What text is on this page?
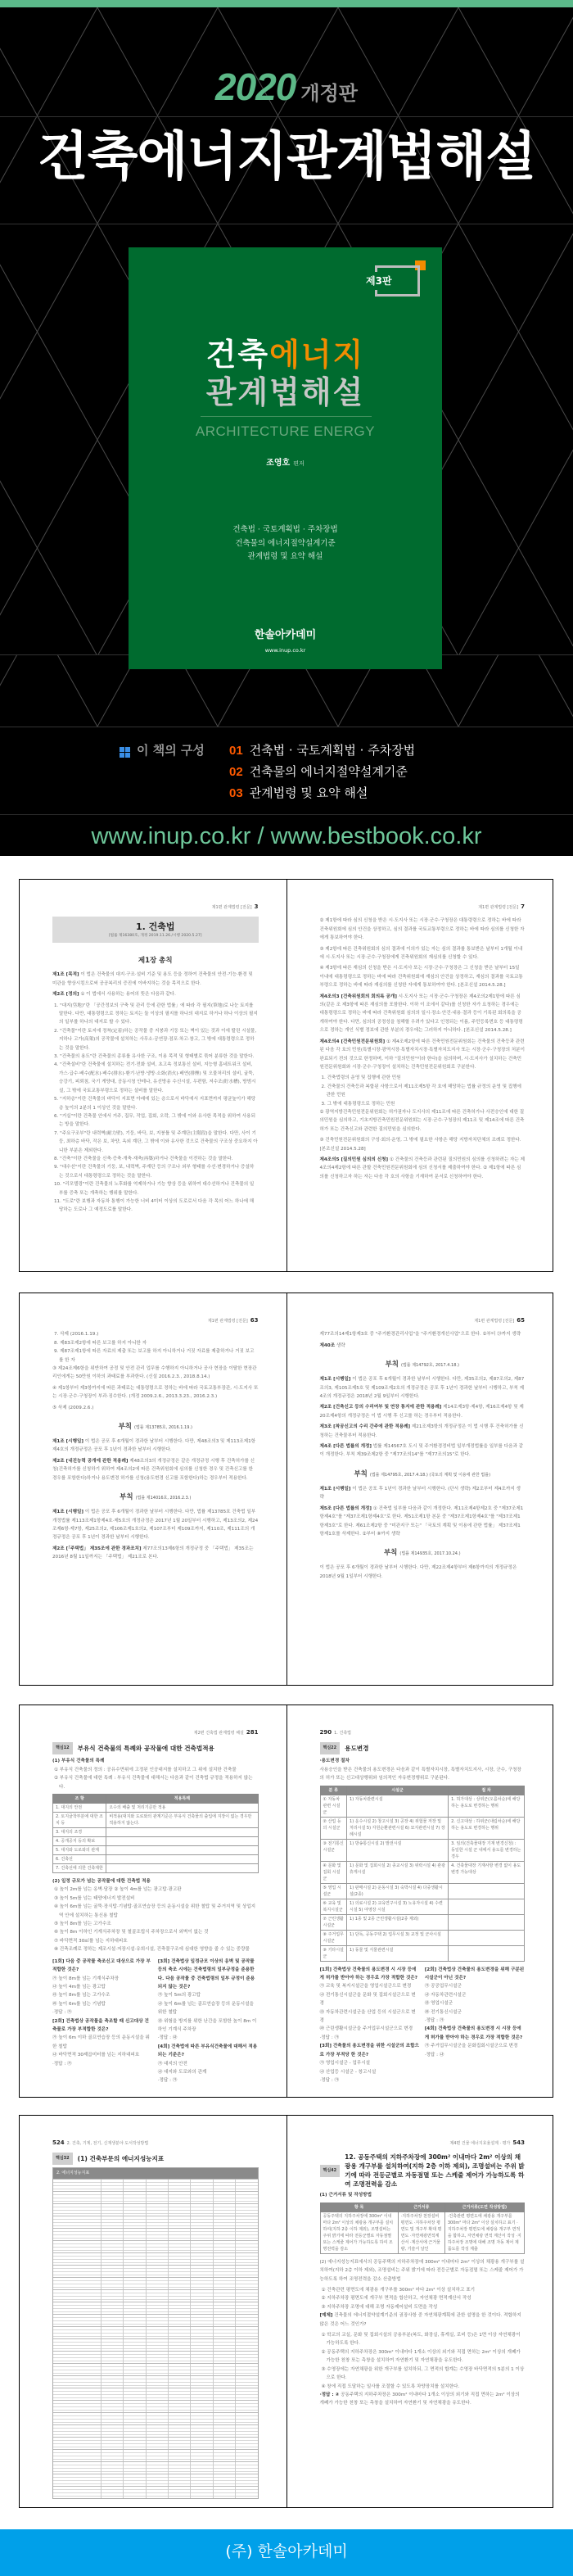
2020 개정판
건축에너지관계법해설
제3판
건축에너지
관계법해설
ARCHITECTURE ENERGY
조영호 편저
건축법 · 국토계획법 · 주차장법
건축물의 에너지절약설계기준
관계법령 및 요약 해설
한솔아카데미
www.inup.co.kr
이 책의 구성 01 건축법 · 국토계획법 · 주차장법
02 건축물의 에너지절약설계기준
03 관계법령 및 요약 해설
www.inup.co.kr / www.bestbook.co.kr
제1편 관계법령 [전문] 3
1. 건축법
[법률 제16380호, 개정 2019.11.26./시행 2020.5.27]
제1장 총칙
제1조 [목적] 이 법은 건축물의 대지·구조·설비 기준 및 용도 등을 정하여 건축물의 안전·기능·환경 및 미관을 향상시킴으로써 공공복리의 증진에 이바지하는 것을 목적으로 한다.
제2조 [정의] ① 이 법에서 사용하는 용어의 뜻은 다음과 같다.
1. "대지(垈地)"란 「공간정보의 구축 및 관리 등에 관한 법률」에 따라 각 필지(筆地)로 나눈 토지를 말한다. 다만, 대통령령으로 정하는 토지는 둘 이상의 필지를 하나의 대지로 하거나 하나 이상의 필지의 일부를 하나의 대지로 할 수 있다.
2. "건축물"이란 토지에 정착(定着)하는 공작물 중 지붕과 기둥 또는 벽이 있는 것과 이에 딸린 시설물, 지하나 고가(高架)의 공작물에 설치하는 사무소·공연장·점포·차고·창고, 그 밖에 대통령령으로 정하는 것을 말한다.
3. "건축물의 용도"란 건축물의 종류를 유사한 구조, 이용 목적 및 형태별로 묶어 분류한 것을 말한다.
4. "건축설비"란 건축물에 설치하는 전기·전화 설비, 초고속 정보통신 설비, 지능형 홈네트워크 설비, 가스·급수·배수(配水)·배수(排水)·환기·난방·냉방·소화(消火)·배연(排煙) 및 오물처리의 설비, 굴뚝, 승강기, 피뢰침, 국기 게양대, 공동시청 안테나, 유선방송 수신시설, 우편함, 저수조(貯水槽), 방범시설, 그 밖에 국토교통부령으로 정하는 설비를 말한다.
5. "지하층"이란 건축물의 바닥이 지표면 아래에 있는 층으로서 바닥에서 지표면까지 평균높이가 해당 층 높이의 2분의 1 이상인 것을 말한다.
6. "거실"이란 건축물 안에서 거주, 집무, 작업, 집회, 오락, 그 밖에 이와 유사한 목적을 위하여 사용되는 방을 말한다.
7. "주요구조부"란 내력벽(耐力壁), 기둥, 바닥, 보, 지붕틀 및 주계단(主階段)을 말한다. 다만, 사이 기둥, 최하층 바닥, 작은 보, 차양, 옥외 계단, 그 밖에 이와 유사한 것으로 건축물의 구조상 중요하지 아니한 부분은 제외한다.
8. "건축"이란 건축물을 신축·증축·개축·재축(再築)하거나 건축물을 이전하는 것을 말한다.
9. "대수선"이란 건축물의 기둥, 보, 내력벽, 주계단 등의 구조나 외부 형태를 수선·변경하거나 증설하는 것으로서 대통령령으로 정하는 것을 말한다.
10. "리모델링"이란 건축물의 노후화를 억제하거나 기능 향상 등을 위하여 대수선하거나 건축물의 일부를 증축 또는 개축하는 행위를 말한다.
11. "도로"란 보행과 자동차 통행이 가능한 너비 4미터 이상의 도로로서 다음 각 목의 어느 하나에 해당하는 도로나 그 예정도로를 말한다.
제1편 관계법령 [전문] 7
② 제1항에 따라 심의 신청을 받은 시·도지사 또는 시장·군수·구청장은 대통령령으로 정하는 바에 따라 건축위원회에 심의 안건을 상정하고, 심의 결과를 국토교통부령으로 정하는 바에 따라 심의를 신청한 자에게 통보하여야 한다.
③ 제2항에 따른 건축위원회의 심의 결과에 이의가 있는 자는 심의 결과를 통보받은 날부터 1개월 이내에 시·도지사 또는 시장·군수·구청장에게 건축위원회의 재심의를 신청할 수 있다.
④ 제3항에 따른 재심의 신청을 받은 시·도지사 또는 시장·군수·구청장은 그 신청을 받은 날부터 15일 이내에 대통령령으로 정하는 바에 따라 건축위원회에 재심의 안건을 상정하고, 재심의 결과를 국토교통부령으로 정하는 바에 따라 재심의를 신청한 자에게 통보하여야 한다. [본조신설 2014.5.28.]
제4조의3 [건축위원회의 회의록 공개] 시·도지사 또는 시장·군수·구청장은 제4조의2제1항에 따른 심의(같은 조 제3항에 따른 재심의를 포함한다. 이하 이 조에서 같다)를 신청한 자가 요청하는 경우에는 대통령령으로 정하는 바에 따라 건축위원회 심의의 일시·장소·안건·내용·결과 등이 기록된 회의록을 공개하여야 한다. 다만, 심의의 공정성을 침해할 우려가 있다고 인정되는 이름, 주민등록번호 등 대통령령으로 정하는 개인 식별 정보에 관한 부분의 경우에는 그러하지 아니하다. [본조신설 2014.5.28.]
제4조의4 [건축민원전문위원회] ① 제4조제2항에 따른 건축민원전문위원회는 건축물의 건축등과 관련된 다음 각 호의 민원(특별시장·광역시장·특별자치시장·특별자치도지사 또는 시장·군수·구청장의 처분이 완료되기 전의 것으로 한정하며, 이하 "질의민원"이라 한다)을 심의하며, 시·도지사가 설치하는 건축민원전문위원회와 시장·군수·구청장이 설치하는 건축민원전문위원회로 구분한다.
1. 건축법령의 운영 및 집행에 관한 민원
2. 건축물의 건축등과 복합된 사항으로서 제11조제5항 각 호에 해당하는 법률 규정의 운영 및 집행에 관한 민원
3. 그 밖에 대통령령으로 정하는 민원
② 광역지방건축민원전문위원회는 허가권자나 도지사의 제11조에 따른 건축허가나 사전승인에 대한 질의민원을 심의하고, 기초지방건축민원전문위원회는 시장·군수·구청장의 제11조 및 제14조에 따른 건축허가 또는 건축신고와 관련한 질의민원을 심의한다.
③ 건축민원전문위원회의 구성·회의·운영, 그 밖에 필요한 사항은 해당 지방자치단체의 조례로 정한다. [본조신설 2014.5.28]
제4조의5 [질의민원 심의의 신청] ① 건축물의 건축등과 관련된 질의민원의 심의를 신청하려는 자는 제4조의4제2항에 따른 관할 건축민원전문위원회에 심의 신청서를 제출하여야 한다. ② 제1항에 따른 심의를 신청하고자 하는 자는 다음 각 호의 사항을 기재하여 문서로 신청하여야 한다.
제1편 관계법령 [전문] 63
7. 삭제 (2016.1.19.)
8. 제83조제2항에 따른 보고를 하지 아니한 자
9. 제87조제1항에 따른 자료의 제출 또는 보고를 하지 아니하거나 거짓 자료를 제출하거나 거짓 보고를 한 자
③ 제24조제6항을 위반하여 공정 및 안전 관리 업무를 수행하지 아니하거나 공사 현장을 이탈한 현장관리인에게는 50만원 이하의 과태료를 부과한다. (신설 2016.2.3., 2018.8.14.)
④ 제1항부터 제3항까지에 따른 과태료는 대통령령으로 정하는 바에 따라 국토교통부장관, 시·도지사 또는 시장·군수·구청장이 부과·징수한다. (개정 2009.2.6., 2013.3.23., 2016.2.3.)
⑤ 삭제 (2009.2.6.)
부칙 (법률 제13785호, 2016.1.19.)
제1조 [시행일] 이 법은 공포 후 6개월이 경과한 날부터 시행한다. 다만, 제48조의3 및 제113조제1항제4호의 개정규정은 공포 후 1년이 경과한 날부터 시행한다.
제2조 [내진능력 공개에 관한 적용례] 제48조의3의 개정규정은 같은 개정규정 시행 후 건축허가를 신청(건축허가를 신청하기 위하여 제4조의2에 따른 건축위원회에 심의를 신청한 경우 및 건축신고를 한 경우를 포함한다)하거나 용도변경 허가를 신청(용도변경 신고를 포함한다)하는 경우부터 적용한다.
부칙 (법률 제14016호, 2016.2.3.)
제1조 [시행일] 이 법은 공포 후 6개월이 경과한 날부터 시행한다. 다만, 법률 제13785호 건축법 일부개정법률 제113조제1항제4호·제5호의 개정규정은 2017년 1월 20일부터 시행하고, 제13조의2, 제24조제6항·제7항, 제25조의2, 제106조제1호의2, 제107조부터 제109조까지, 제110조, 제111조의 개정규정은 공포 후 1년이 경과한 날부터 시행한다.
제2조 [「주택법」 제35조에 관한 경과조치] 제77조의13제6항의 개정규정 중 「주택법」 제35조는 2016년 8월 11일까지는 「주택법」 제21조로 본다.
제1편 관계법령 [전문] 65
제77조의14제1항제3호 중 "주거환경관리사업"을 "주거환경개선사업"으로 한다. ②부터 ㉔까지 생략
제40조 생략
부칙 (법률 제14792호, 2017.4.18.)
제1조 [시행일] 이 법은 공포 후 6개월이 경과한 날부터 시행한다. 다만, 제35조의2, 제87조의2, 제87조의3, 제105조제5호 및 제109조제2호의 개정규정은 공포 후 1년이 경과한 날부터 시행하고, 부칙 제4조의 개정규정은 2018년 2월 9일부터 시행한다.
제2조 [건축신고 등의 수리여부 및 연장 통지에 관한 적용례] 제14조제3항·제4항, 제16조제4항 및 제20조제4항의 개정규정은 이 법 시행 후 신고를 하는 경우부터 적용한다.
제3조 [착공신고의 수리 간주에 관한 적용례] 제21조제3항의 개정규정은 이 법 시행 후 건축허가를 신청하는 건축물부터 적용한다.
제4조 [다른 법률의 개정] 법률 제14567호 도시 및 주거환경정비법 일부개정법률을 일부를 다음과 같이 개정한다. 부칙 제39조제2항 중 "제77조의14"를 "제77조의15"로 한다.
부칙 (법률 제14795호, 2017.4.18.) (국토의 계획 및 이용에 관한 법률)
제1조 [시행일] 이 법은 공포 후 1년이 경과한 날부터 시행한다. (단서 생략) 제2조부터 제4조까지 생략
제5조 [다른 법률의 개정] ① 건축법 일부를 다음과 같이 개정한다. 제11조제4항제2호 중 "제37조제1항제4호"를 "제37조제1항제4호"로 한다. 제51조제1항 본문 중 "제37조제1항제4호"를 "제37조제1항제3호"로 한다. 제61조제2항 중 "미관지구 또는" 「국토의 계획 및 이용에 관한 법률」 제37조제1항제1호를 삭제한다. ②부터 ⑧까지 생략
부칙 (법률 제14935호, 2017.10.24.)
이 법은 공포 후 6개월이 경과한 날부터 시행한다. 다만, 제22조제4항부터 제6항까지의 개정규정은 2018년 9월 1일부터 시행한다.
제2편 건축법 관계법령 해설 281
핵심12	부유식 건축물의 특례와 공작물에 대한 건축법적용
(1) 부유식 건축물의 특례
① 부유식 건축물의 정의 : 공유수면위에 고정된 인공대지를 설치하고 그 위에 설치한 건축물
② 부유식 건축물에 대한 특례 : 부유식 건축물에 대해서는 다음과 같이 건축법 규정을 적용하지 않는다.
조 항	적용특례
1. 대지의 안전	오수의 배출 및 처리기준만 적용
2. 토지굴착부분에 대한 조치 등	비적용(대지와 도로와의 관계기준은 부유식 건축물의 출입에 지장이 없는 경우만 적용하지 않는다.
3. 대지의 조경	
4. 공개공지 등의 확보	
5. 대지와 도로와의 관계	
6. 건축선	
7. 건축선에 의한 건축제한	
(2) 일정 규모가 넘는 공작물에 대한 건축법 적용
① 높이 2m를 넘는 옹벽·담장 ② 높이 4m를 넘는 광고탑·광고판
③ 높이 5m를 넘는 태양에너지 발전설비
④ 높이 6m를 넘는 굴뚝·장식탑·기념탑·골프연습장 등의 운동시설을 위한 철탑 및 주거지역 및 상업지역 안에 설치하는 통신용 철탑
⑤ 높이 8m를 넘는 고가수조
⑥ 높이 8m 이하인 기계식주차장 및 철골조립식 주차장으로서 외벽이 없는 것
⑦ 바닥면적 30㎡를 넘는 지하대피호
⑧ 건축조례로 정하는 제조시설·저장시설·유희시설, 건축물구조에 심대한 영향을 줄 수 있는 중량물
[1회] 다음 중 공작물 축조신고 대상으로 가장 부적합한 것은?
㉮ 높이 8m를 넘는 기계식주차장
㉯ 높이 4m를 넘는 광고탑
㉰ 높이 8m를 넘는 고가수조
㉱ 높이 6m를 넘는 기념탑
·정답 : ㉮
[2회] 건축법상 공작물을 축조할 때 신고대상 건축물로 가장 부적합한 것은?
㉮ 높이 6m 이하 골프연습장 등의 운동시설을 위한 철탑
㉯ 바닥면적 30제곱미터를 넘는 지하대피호
·정답 : ㉮
[3회] 건축법상 일정규모 이상의 옹벽 및 공작물 등의 축조 시에는 건축법령의 일부규정을 준용한다. 다음 공작물 중 건축법령의 일부 규정이 준용되지 않는 것은?
㉮ 높이 5m의 광고탑
㉯ 높이 6m를 넘는 골프연습장 등의 운동시설을 위한 철탑
㉰ 위험을 방지를 위한 난간을 포함한 높이 8m 이하인 기계식 주차장
·정답 : ㉰
[4회] 건축법에 따른 부유식건축물에 대해서 적용되는 기준은?
㉮ 대지의 안전
㉯ 대지와 도로와의 관계
·정답 : ㉮
290 1. 건축법
핵심22	용도변경
·용도변경 절차
사용승인을 받은 건축물의 용도변경은 다음과 같이 특별자치시장, 특별자치도지사, 시장, 군수, 구청장의 허가 또는 신고대상행위와 임의적인 자유변경행위로 구분된다.
분 류	시설군	절 차
① 자동차 관련 시설군	1) 자동차관련시설	1. 허가대상 : 상위군(오름차순)에 해당하는 용도로 변경하는 행위
② 산업 등의 시설군	1) 운수시설 2) 창고시설 3) 공장 4) 위험물 저장 및 처리시설 5) 자원순환관련시설 6) 묘지관련시설 7) 장례시설	2. 신고대상 : 하위군(내림차순)에 해당하는 용도로 변경하는 행위
③ 전기통신 시설군	1) 방송통신시설 2) 발전시설	3. 임의(건축물대장 기재 변경신청) : 동일한 시설 군 내에서 용도를 변경하는 경우
④ 문화 및 집회 시설군	1) 문화 및 집회시설 2) 종교시설 3) 위락시설 4) 관광휴게시설	4. 건축물대장 기재사항 변경 없이 용도변경 가능대상
⑤ 영업 시설군	1) 판매시설 2) 운동시설 3) 숙박시설 4) 다중생활시설(2종)	
⑥ 교육 및 복지시설군	1) 의료시설 2) 교육연구시설 3) 노유자시설 4) 수련시설 5) 야영장 시설	
⑦ 근린생활시설군	1) 1종 및 2종 근린생활시설(2종 제외)	
⑧ 주거업무시설군	1) 단독, 공동주택 2) 업무시설 3) 교정 및 군사시설	
⑨ 기타시설군	1) 동물 및 식물관련시설	
[1회] 건축법상 건축물의 용도변경 시 시장 등에게 허가를 받아야 하는 경우로 가장 적합한 것은?
㉮ 교육 및 복지시설군을 영업시설군으로 변경
㉯ 전기통신시설군을 문화 및 집회시설군으로 변경
㉰ 자동차관련시설군을 산업 등의 시설군으로 변경
㉱ 근린생활시설군을 주거업무시설군으로 변경
·정답 : ㉮
[3회] 건축물의 용도변경을 위한 시설군의 조합으로 가장 부적당 한 것은?
㉮ 영업시설군 - 업무시설
㉯ 산업등 시설군 - 창고시설
·정답 : ㉮
[2회] 건축법상 건축물의 용도변경을 위해 구분된 시설군이 아닌 것은?
㉮ 공공업무시설군
㉯ 자동차관련시설군
㉰ 영업시설군
㉱ 전기통신시설군
·정답 : ㉮
[4회] 건축법상 건축물의 용도변경 시 시장 등에게 허가를 받아야 하는 경우로 가장 적합한 것은?
㉮ 주거업무시설군을 문화집회시설군으로 변경
·정답 : ㉯
524 2. 건축, 기계, 전기, 신재생분야 도서작성방법
핵심32	(1) 건축부문의 에너지성능지표
2. 에너지성능지표
제4편 건물 에너지효율설계 · 평가 543
핵심42
12. 공동주택의 지하주차장에 300m² 이내마다 2m² 이상의 채광용 개구부를 설치하여(지하 2층 이하 제외), 조명설비는 주위 밝기에 따라 전등군별로 자동점멸 또는 스케줄 제어가 가능하도록 하여 조명전력을 감소
(1) 근거서류 및 작성방법
항 목	근거서류	근거서류(도면 작성방법)
공동주택의 지하주차장에 300m² 이내 마다 2m² 이상의 채광용 개구부를 설치하여(지하 2층 이하 제외), 조명설비는 주위 밝기에 따라 전등군별로 자동점멸 또는 스케줄 제어가 가능하도록 하여 조명전력을 감소	·지하주차장 천장설비 평면도 ·지하주차장 평면도 및 개구부 확대 평면도 ·자연채광면적계산서 ·계산서에 근거물량, 기술서 날인	·건축관련 평면도에 채광용 개구부를 300m² 마다 2m² 이상 설치하고 표기 ·지하주차장 평면도에 채광용 개구부 면적을 합하고, 자연채광 면적 계산서 작성 ·지하주차장 조명에 대해 조명 자동 제어 제품도를 작성 제출
(2) 에너지성능지표에서의 공동주택의 지하주차장에 300m² 이내마다 2m² 이상의 채광용 개구부를 설치하여(지하 2층 이하 제외), 조명설비는 주위 밝기에 따라 전등군별로 자동점멸 또는 스케줄 제어가 가능하도록 하여 조명전력을 감소 산출방법
① 건축관련 평면도에 채광용 개구부를 300m² 마다 2m² 이상 설치하고 표기
② 지하주차장 평면도에 개구부 면적을 합산하고, 자연채광 면적계산서 작성
③ 지하주차장 조명에 대해 조명 자동제어설비 도면을 작성
[예제] 건축물의 에너지절약설계기준의 권장사항 중 자연채광계획에 관한 설명을 한 것이다. 적합하지 않은 것은 어느 것인가?
① 학교의 교실, 문화 및 집회시설의 공용부분(복도, 화장실, 휴게실, 로비 등)은 1면 이상 자연채광이 가능하도록 한다.
② 공동주택의 지하주차장은 300m² 이내마다 1개소 이상의 외기와 직접 면하는 2m² 이상의 개폐가 가능한 천창 또는 측창을 설치하여 자연환기 및 자연채광을 유도한다.
③ 수영장에는 자연채광을 위한 개구부를 설치하되, 그 면적의 합계는 수영장 바닥면적의 5분의 1 이상으로 한다.
④ 창에 직접 도달하는 일사를 조절할 수 있도록 차양장치를 설치한다.
·정답 : ② 공동주택의 지하주차장은 300m² 이내마다 1개소 이상의 외기와 직접 면하는 2m² 이상의 개폐가 가능한 천창 또는 측창을 설치하여 자연환기 및 자연채광을 유도한다.
(주) 한솔아카데미
